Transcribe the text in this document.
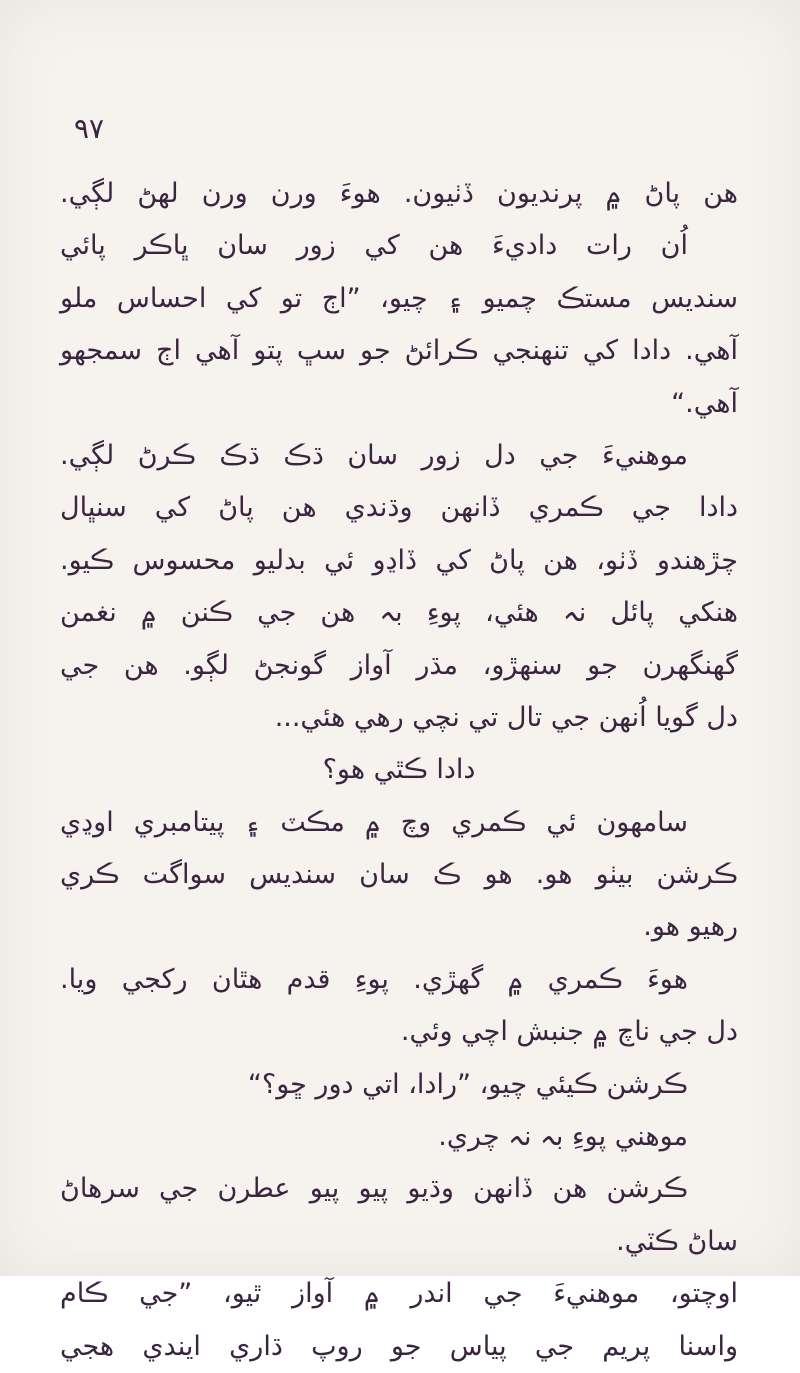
٩٧
ھن پاڻ ۾ پرنديون ڏٺيون. ھوءَ ورن ورن لھڻ لڳي.
اُن رات داديءَ ھن کي زور سان ڀاڪر پائي
سنديس مستڪ چميو ۽ چيو، ”اڄ تو کي احساس ملو
آھي. دادا کي تنھنجي ڪرائڻ جو سڀ پتو آھي اڄ سمجھو
آھي.“
موھنيءَ جي دل زور سان ڌڪ ڌڪ ڪرڻ لڳي.
دادا جي ڪمري ڏانھن وڌندي ھن پاڻ کي سنڀال
چڙھندو ڏٺو، ھن پاڻ کي ڏاڍو ئي بدليو محسوس ڪيو.
ھنکي پائل نہ ھئي، پوءِ بہ ھن جي ڪنن ۾ نغمن
گھنگھرن جو سنھڙو، مڌر آواز گونجڻ لڳو. ھن جي
دل گويا اُنھن جي تال تي نچي رھي ھئي...
دادا ڪٿي ھو؟
سامھون ئي ڪمري وچ ۾ مڪٽ ۽ پيتامبري اوڍي
ڪرشن بيٺو ھو. ھو ڪ سان سنديس سواگت ڪري
رھيو ھو.
ھوءَ ڪمري ۾ گھڙي. پوءِ قدم ھٿان رکجي ويا.
دل جي ناچ ۾ جنبش اچي وئي.
ڪرشن ڪيئي چيو، ”رادا، اتي دور ڇو؟“
موھني پوءِ بہ نہ چري.
ڪرشن ھن ڏانھن وڌيو پيو پيو عطرن جي سرھاڻ
ساڻ ڪٽي.
اوچتو، موھنيءَ جي اندر ۾ آواز ٿيو، ”جي ڪام
واسنا پريم جي پياس جو روپ ڌاري ايندي ھجي
